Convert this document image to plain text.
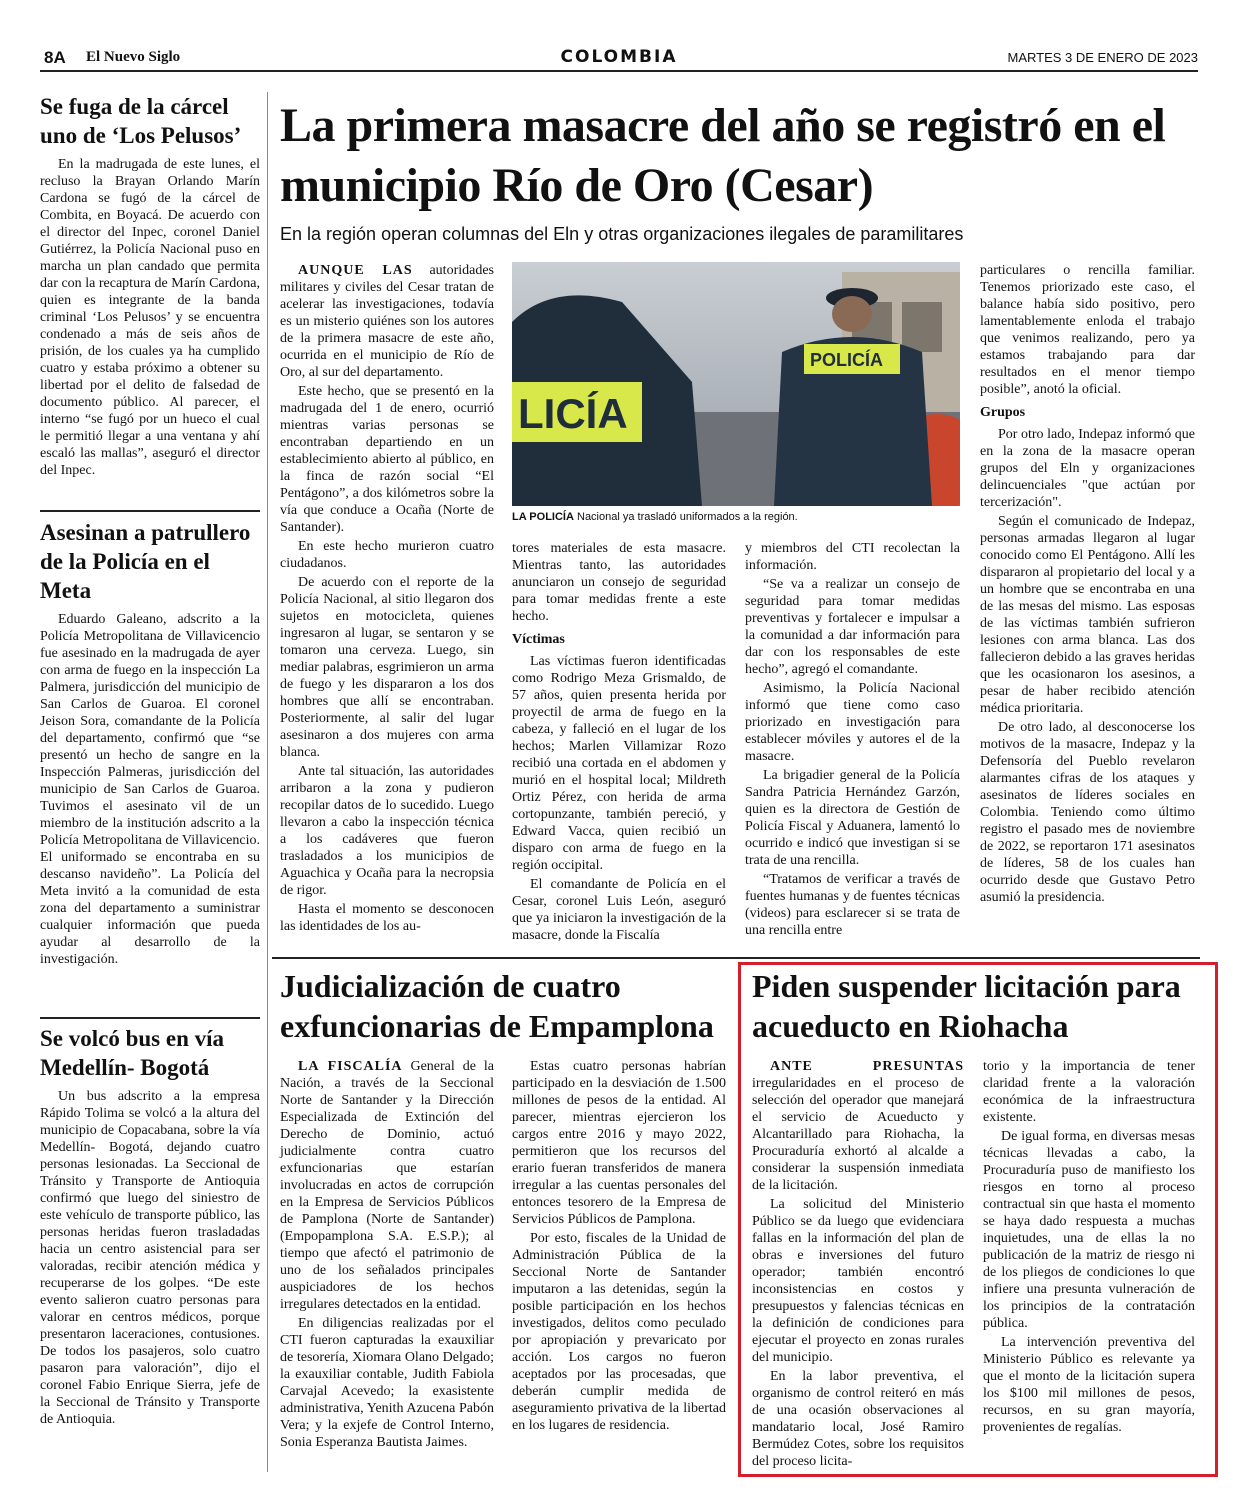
8A El Nuevo Siglo	COLOMBIA	MARTES 3 DE ENERO DE 2023
Se fuga de la cárcel uno de ‘Los Pelusos’

En la madrugada de este lunes, el recluso la Brayan Orlando Marín Cardona se fugó de la cárcel de Combita, en Boyacá. De acuerdo con el director del Inpec, coronel Daniel Gutiérrez, la Policía Nacional puso en marcha un plan candado que permita dar con la recaptura de Marín Cardona, quien es integrante de la banda criminal ‘Los Pelusos’ y se encuentra condenado a más de seis años de prisión, de los cuales ya ha cumplido cuatro y estaba próximo a obtener su libertad por el delito de falsedad de documento público. Al parecer, el interno “se fugó por un hueco el cual le permitió llegar a una ventana y ahí escaló las mallas”, aseguró el director del Inpec.

Asesinan a patrullero de la Policía en el Meta

Eduardo Galeano, adscrito a la Policía Metropolitana de Villavicencio fue asesinado en la madrugada de ayer con arma de fuego en la inspección La Palmera, jurisdicción del municipio de San Carlos de Guaroa. El coronel Jeison Sora, comandante de la Policía del departamento, confirmó que “se presentó un hecho de sangre en la Inspección Palmeras, jurisdicción del municipio de San Carlos de Guaroa. Tuvimos el asesinato vil de un miembro de la institución adscrito a la Policía Metropolitana de Villavicencio. El uniformado se encontraba en su descanso navideño”. La Policía del Meta invitó a la comunidad de esta zona del departamento a suministrar cualquier información que pueda ayudar al desarrollo de la investigación.

Se volcó bus en vía Medellín- Bogotá

Un bus adscrito a la empresa Rápido Tolima se volcó a la altura del municipio de Copacabana, sobre la vía Medellín- Bogotá, dejando cuatro personas lesionadas. La Seccional de Tránsito y Transporte de Antioquia confirmó que luego del siniestro de este vehículo de transporte público, las personas heridas fueron trasladadas hacia un centro asistencial para ser valoradas, recibir atención médica y recuperarse de los golpes. “De este evento salieron cuatro personas para valorar en centros médicos, porque presentaron laceraciones, contusiones. De todos los pasajeros, solo cuatro pasaron para valoración”, dijo el coronel Fabio Enrique Sierra, jefe de la Seccional de Tránsito y Transporte de Antioquia.

La primera masacre del año se registró en el municipio Río de Oro (Cesar)
En la región operan columnas del Eln y otras organizaciones ilegales de paramilitares

AUNQUE LAS autoridades militares y civiles del Cesar tratan de acelerar las investigaciones, todavía es un misterio quiénes son los autores de la primera masacre de este año, ocurrida en el municipio de Río de Oro, al sur del departamento.

Este hecho, que se presentó en la madrugada del 1 de enero, ocurrió mientras varias personas se encontraban departiendo en un establecimiento abierto al público, en la finca de razón social “El Pentágono”, a dos kilómetros sobre la vía que conduce a Ocaña (Norte de Santander).

En este hecho murieron cuatro ciudadanos.

De acuerdo con el reporte de la Policía Nacional, al sitio llegaron dos sujetos en motocicleta, quienes ingresaron al lugar, se sentaron y se tomaron una cerveza. Luego, sin mediar palabras, esgrimieron un arma de fuego y les dispararon a los dos hombres que allí se encontraban. Posteriormente, al salir del lugar asesinaron a dos mujeres con arma blanca.

Ante tal situación, las autoridades arribaron a la zona y pudieron recopilar datos de lo sucedido. Luego llevaron a cabo la inspección técnica a los cadáveres que fueron trasladados a los municipios de Aguachica y Ocaña para la necropsia de rigor.

Hasta el momento se desconocen las identidades de los au-

LICÍA
POLICÍA
LA POLICÍA Nacional ya trasladó uniformados a la región.

tores materiales de esta masacre. Mientras tanto, las autoridades anunciaron un consejo de seguridad para tomar medidas frente a este hecho.

Víctimas

Las víctimas fueron identificadas como Rodrigo Meza Grismaldo, de 57 años, quien presenta herida por proyectil de arma de fuego en la cabeza, y falleció en el lugar de los hechos; Marlen Villamizar Rozo recibió una cortada en el abdomen y murió en el hospital local; Mildreth Ortiz Pérez, con herida de arma cortopunzante, también pereció, y Edward Vacca, quien recibió un disparo con arma de fuego en la región occipital.

El comandante de Policía en el Cesar, coronel Luis León, aseguró que ya iniciaron la investigación de la masacre, donde la Fiscalía

y miembros del CTI recolectan la información.

“Se va a realizar un consejo de seguridad para tomar medidas preventivas y fortalecer e impulsar a la comunidad a dar información para dar con los responsables de este hecho”, agregó el comandante.

Asimismo, la Policía Nacional informó que tiene como caso priorizado en investigación para establecer móviles y autores el de la masacre.

La brigadier general de la Policía Sandra Patricia Hernández Garzón, quien es la directora de Gestión de Policía Fiscal y Aduanera, lamentó lo ocurrido e indicó que investigan si se trata de una rencilla.

“Tratamos de verificar a través de fuentes humanas y de fuentes técnicas (videos) para esclarecer si se trata de una rencilla entre

particulares o rencilla familiar. Tenemos priorizado este caso, el balance había sido positivo, pero lamentablemente enloda el trabajo que venimos realizando, pero ya estamos trabajando para dar resultados en el menor tiempo posible”, anotó la oficial.

Grupos

Por otro lado, Indepaz informó que en la zona de la masacre operan grupos del Eln y organizaciones delincuenciales "que actúan por tercerización".

Según el comunicado de Indepaz, personas armadas llegaron al lugar conocido como El Pentágono. Allí les dispararon al propietario del local y a un hombre que se encontraba en una de las mesas del mismo. Las esposas de las víctimas también sufrieron lesiones con arma blanca. Las dos fallecieron debido a las graves heridas que les ocasionaron los asesinos, a pesar de haber recibido atención médica prioritaria.

De otro lado, al desconocerse los motivos de la masacre, Indepaz y la Defensoría del Pueblo revelaron alarmantes cifras de los ataques y asesinatos de líderes sociales en Colombia. Teniendo como último registro el pasado mes de noviembre de 2022, se reportaron 171 asesinatos de líderes, 58 de los cuales han ocurrido desde que Gustavo Petro asumió la presidencia.

Judicialización de cuatro exfuncionarias de Empamplona

LA FISCALÍA General de la Nación, a través de la Seccional Norte de Santander y la Dirección Especializada de Extinción del Derecho de Dominio, actuó judicialmente contra cuatro exfuncionarias que estarían involucradas en actos de corrupción en la Empresa de Servicios Públicos de Pamplona (Norte de Santander) (Empopamplona S.A. E.S.P.); al tiempo que afectó el patrimonio de uno de los señalados principales auspiciadores de los hechos irregulares detectados en la entidad.

En diligencias realizadas por el CTI fueron capturadas la exauxiliar de tesorería, Xiomara Olano Delgado; la exauxiliar contable, Judith Fabiola Carvajal Acevedo; la exasistente administrativa, Yenith Azucena Pabón Vera; y la exjefe de Control Interno, Sonia Esperanza Bautista Jaimes.

Estas cuatro personas habrían participado en la desviación de 1.500 millones de pesos de la entidad. Al parecer, mientras ejercieron los cargos entre 2016 y mayo 2022, permitieron que los recursos del erario fueran transferidos de manera irregular a las cuentas personales del entonces tesorero de la Empresa de Servicios Públicos de Pamplona.

Por esto, fiscales de la Unidad de Administración Pública de la Seccional Norte de Santander imputaron a las detenidas, según la posible participación en los hechos investigados, delitos como peculado por apropiación y prevaricato por acción. Los cargos no fueron aceptados por las procesadas, que deberán cumplir medida de aseguramiento privativa de la libertad en los lugares de residencia.

Piden suspender licitación para acueducto en Riohacha

ANTE PRESUNTAS irregularidades en el proceso de selección del operador que manejará el servicio de Acueducto y Alcantarillado para Riohacha, la Procuraduría exhortó al alcalde a considerar la suspensión inmediata de la licitación.

La solicitud del Ministerio Público se da luego que evidenciara fallas en la información del plan de obras e inversiones del futuro operador; también encontró inconsistencias en costos y presupuestos y falencias técnicas en la definición de condiciones para ejecutar el proyecto en zonas rurales del municipio.

En la labor preventiva, el organismo de control reiteró en más de una ocasión observaciones al mandatario local, José Ramiro Bermúdez Cotes, sobre los requisitos del proceso licita-

torio y la importancia de tener claridad frente a la valoración económica de la infraestructura existente.

De igual forma, en diversas mesas técnicas llevadas a cabo, la Procuraduría puso de manifiesto los riesgos en torno al proceso contractual sin que hasta el momento se haya dado respuesta a muchas inquietudes, una de ellas la no publicación de la matriz de riesgo ni de los pliegos de condiciones lo que infiere una presunta vulneración de los principios de la contratación pública.

La intervención preventiva del Ministerio Público es relevante ya que el monto de la licitación supera los $100 mil millones de pesos, recursos, en su gran mayoría, provenientes de regalías.
